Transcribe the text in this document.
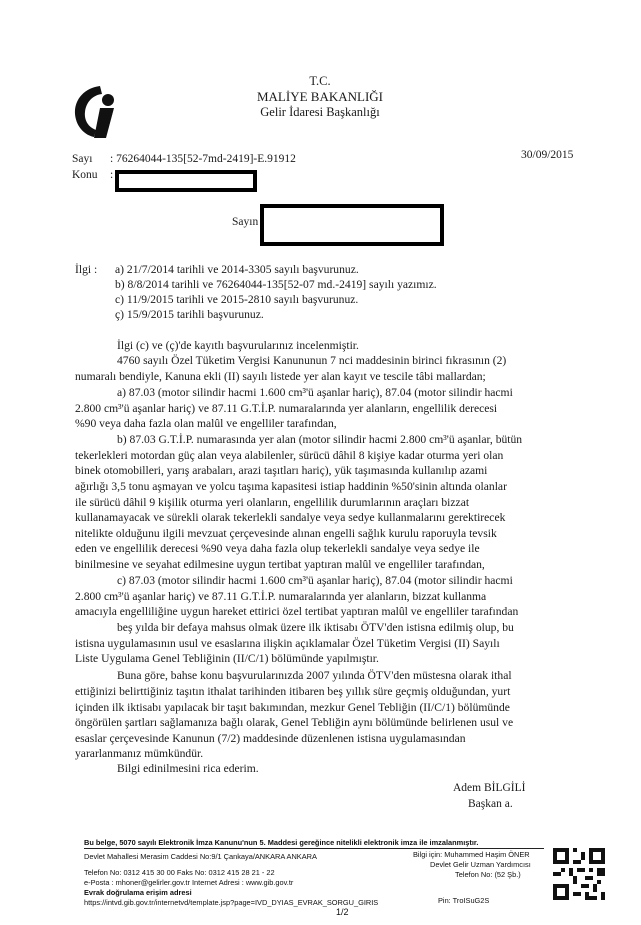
T.C.
MALİYE BAKANLIĞI
Gelir İdaresi Başkanlığı
Sayı : 76264044-135[52-7md-2419]-E.91912
Konu :
30/09/2015
Sayın
İlgi : a) 21/7/2014 tarihli ve 2014-3305 sayılı başvurunuz.
b) 8/8/2014 tarihli ve 76264044-135[52-07 md.-2419] sayılı yazımız.
c) 11/9/2015 tarihli ve 2015-2810 sayılı başvurunuz.
ç) 15/9/2015 tarihli başvurunuz.
İlgi (c) ve (ç)'de kayıtlı başvurularınız incelenmiştir.
4760 sayılı Özel Tüketim Vergisi Kanununun 7 nci maddesinin birinci fıkrasının (2)
numaralı bendiyle, Kanuna ekli (II) sayılı listede yer alan kayıt ve tescile tâbi mallardan;
a) 87.03 (motor silindir hacmi 1.600 cm³'ü aşanlar hariç), 87.04 (motor silindir hacmi
2.800 cm³'ü aşanlar hariç) ve 87.11 G.T.İ.P. numaralarında yer alanların, engellilik derecesi
%90 veya daha fazla olan malûl ve engelliler tarafından,
b) 87.03 G.T.İ.P. numarasında yer alan (motor silindir hacmi 2.800 cm³'ü aşanlar, bütün
tekerlekleri motordan güç alan veya alabilenler, sürücü dâhil 8 kişiye kadar oturma yeri olan
binek otomobilleri, yarış arabaları, arazi taşıtları hariç), yük taşımasında kullanılıp azami
ağırlığı 3,5 tonu aşmayan ve yolcu taşıma kapasitesi istiap haddinin %50'sinin altında olanlar
ile sürücü dâhil 9 kişilik oturma yeri olanların, engellilik durumlarının araçları bizzat
kullanamayacak ve sürekli olarak tekerlekli sandalye veya sedye kullanmalarını gerektirecek
nitelikte olduğunu ilgili mevzuat çerçevesinde alınan engelli sağlık kurulu raporuyla tevsik
eden ve engellilik derecesi %90 veya daha fazla olup tekerlekli sandalye veya sedye ile
binilmesine ve seyahat edilmesine uygun tertibat yaptıran malûl ve engelliler tarafından,
c) 87.03 (motor silindir hacmi 1.600 cm³'ü aşanlar hariç), 87.04 (motor silindir hacmi
2.800 cm³'ü aşanlar hariç) ve 87.11 G.T.İ.P. numaralarında yer alanların, bizzat kullanma
amacıyla engelliliğine uygun hareket ettirici özel tertibat yaptıran malûl ve engelliler tarafından
beş yılda bir defaya mahsus olmak üzere ilk iktisabı ÖTV'den istisna edilmiş olup, bu
istisna uygulamasının usul ve esaslarına ilişkin açıklamalar Özel Tüketim Vergisi (II) Sayılı
Liste Uygulama Genel Tebliğinin (II/C/1) bölümünde yapılmıştır.
Buna göre, bahse konu başvurularınızda 2007 yılında ÖTV'den müstesna olarak ithal
ettiğinizi belirttiğiniz taşıtın ithalat tarihinden itibaren beş yıllık süre geçmiş olduğundan, yurt
içinden ilk iktisabı yapılacak bir taşıt bakımından, mezkur Genel Tebliğin (II/C/1) bölümünde
öngörülen şartları sağlamanıza bağlı olarak, Genel Tebliğin aynı bölümünde belirlenen usul ve
esaslar çerçevesinde Kanunun (7/2) maddesinde düzenlenen istisna uygulamasından
yararlanmanız mümkündür.
Bilgi edinilmesini rica ederim.
Adem BİLGİLİ
Başkan a.
Bu belge, 5070 sayılı Elektronik İmza Kanunu'nun 5. Maddesi gereğince nitelikli elektronik imza ile imzalanmıştır.
Devlet Mahallesi Merasim Caddesi No:9/1 Çankaya/ANKARA ANKARA
Telefon No: 0312 415 30 00 Faks No: 0312 415 28 21 - 22
e-Posta : mhoner@gelirler.gov.tr Internet Adresi : www.gib.gov.tr
Evrak doğrulama erişim adresi
https://intvd.gib.gov.tr/internetvd/template.jsp?page=IVD_DYIAS_EVRAK_SORGU_GIRIS
Bilgi için: Muhammed Haşim ÖNER
Devlet Gelir Uzman Yardımcısı
Telefon No: (52 Şb.)
Pin: TroISuG2S
1/2
